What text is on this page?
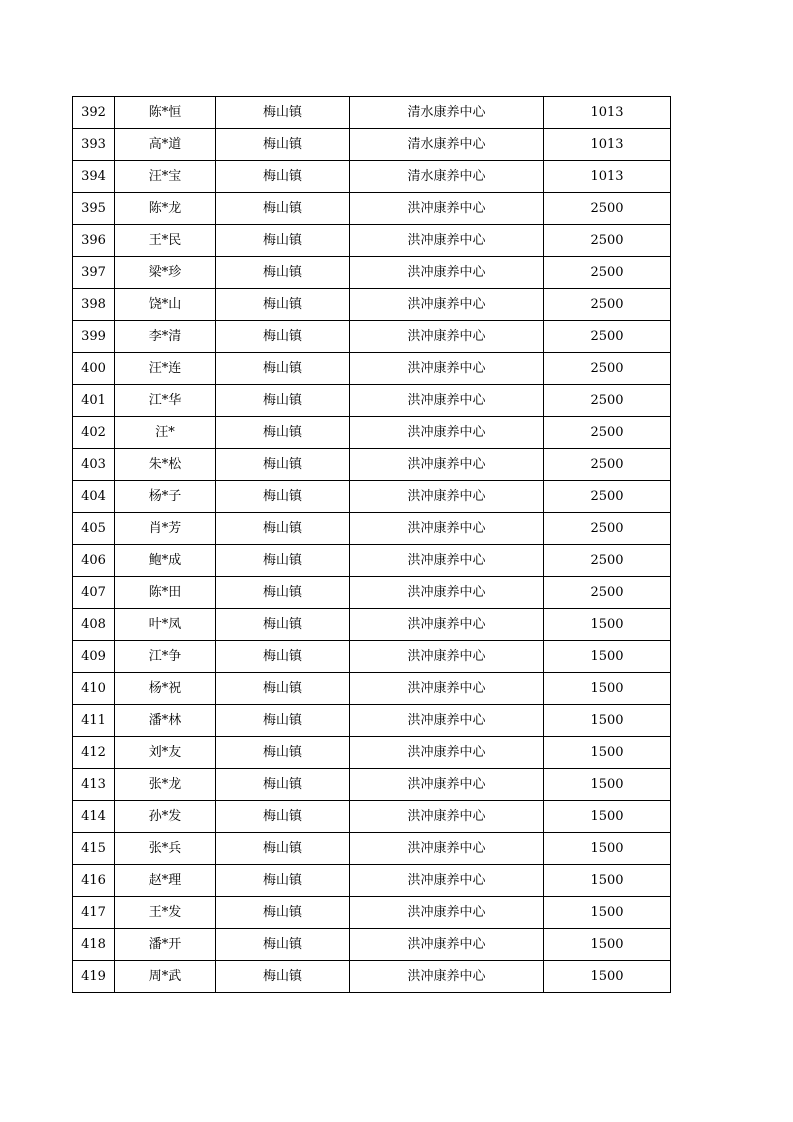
392	陈*恒	梅山镇	清水康养中心	1013
393	高*道	梅山镇	清水康养中心	1013
394	汪*宝	梅山镇	清水康养中心	1013
395	陈*龙	梅山镇	洪冲康养中心	2500
396	王*民	梅山镇	洪冲康养中心	2500
397	梁*珍	梅山镇	洪冲康养中心	2500
398	饶*山	梅山镇	洪冲康养中心	2500
399	李*清	梅山镇	洪冲康养中心	2500
400	汪*连	梅山镇	洪冲康养中心	2500
401	江*华	梅山镇	洪冲康养中心	2500
402	汪*	梅山镇	洪冲康养中心	2500
403	朱*松	梅山镇	洪冲康养中心	2500
404	杨*子	梅山镇	洪冲康养中心	2500
405	肖*芳	梅山镇	洪冲康养中心	2500
406	鲍*成	梅山镇	洪冲康养中心	2500
407	陈*田	梅山镇	洪冲康养中心	2500
408	叶*凤	梅山镇	洪冲康养中心	1500
409	江*争	梅山镇	洪冲康养中心	1500
410	杨*祝	梅山镇	洪冲康养中心	1500
411	潘*林	梅山镇	洪冲康养中心	1500
412	刘*友	梅山镇	洪冲康养中心	1500
413	张*龙	梅山镇	洪冲康养中心	1500
414	孙*发	梅山镇	洪冲康养中心	1500
415	张*兵	梅山镇	洪冲康养中心	1500
416	赵*理	梅山镇	洪冲康养中心	1500
417	王*发	梅山镇	洪冲康养中心	1500
418	潘*开	梅山镇	洪冲康养中心	1500
419	周*武	梅山镇	洪冲康养中心	1500
